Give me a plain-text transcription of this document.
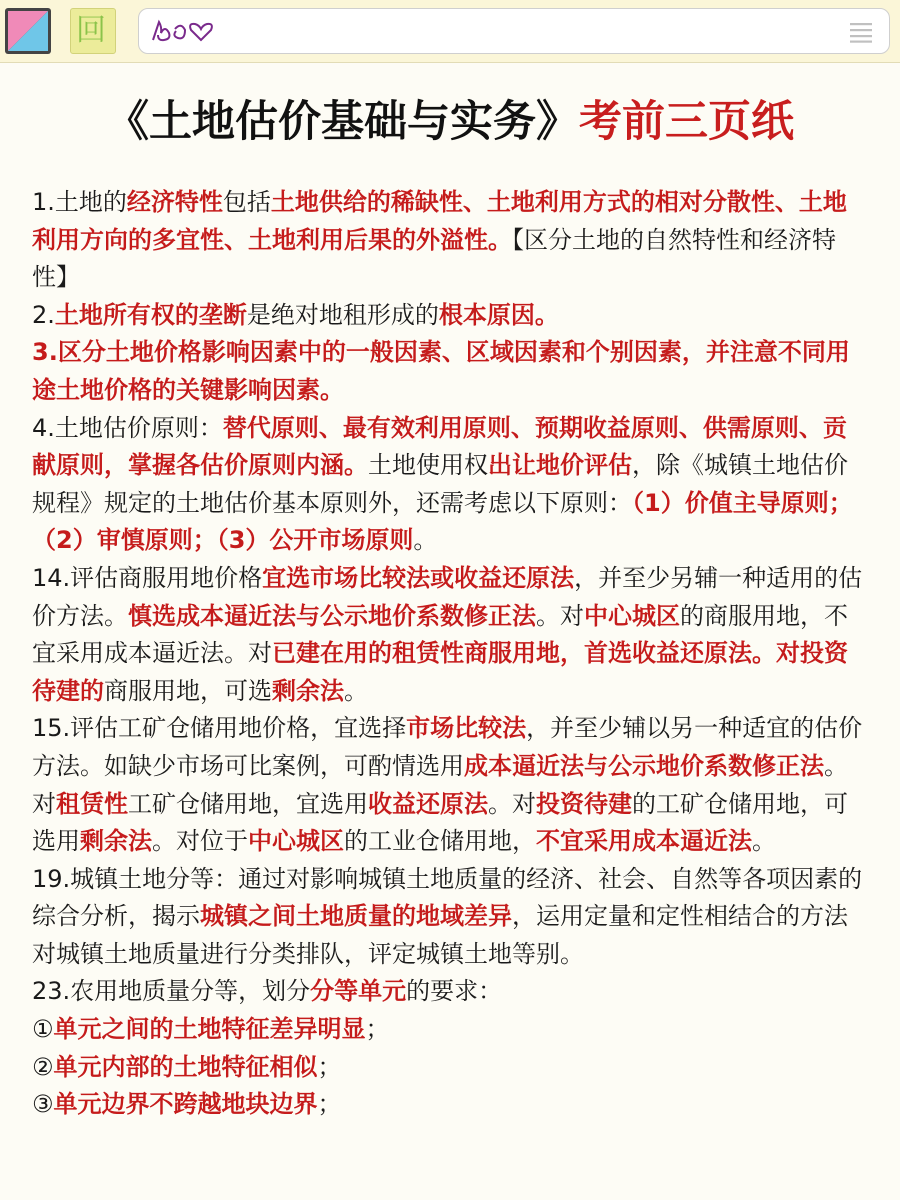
回
《土地估价基础与实务》考前三页纸

1.土地的经济特性包括土地供给的稀缺性、土地利用方式的相对分散性、土地利用方向的多宜性、土地利用后果的外溢性。【区分土地的自然特性和经济特性】

2.土地所有权的垄断是绝对地租形成的根本原因。

3.区分土地价格影响因素中的一般因素、区域因素和个别因素，并注意不同用途土地价格的关键影响因素。

4.土地估价原则：替代原则、最有效利用原则、预期收益原则、供需原则、贡献原则，掌握各估价原则内涵。土地使用权出让地价评估，除《城镇土地估价规程》规定的土地估价基本原则外，还需考虑以下原则：（1）价值主导原则；（2）审慎原则；（3）公开市场原则。

14.评估商服用地价格宜选市场比较法或收益还原法，并至少另辅一种适用的估价方法。慎选成本逼近法与公示地价系数修正法。对中心城区的商服用地，不宜采用成本逼近法。对已建在用的租赁性商服用地，首选收益还原法。对投资待建的商服用地，可选剩余法。

15.评估工矿仓储用地价格，宜选择市场比较法，并至少辅以另一种适宜的估价方法。如缺少市场可比案例，可酌情选用成本逼近法与公示地价系数修正法。对租赁性工矿仓储用地，宜选用收益还原法。对投资待建的工矿仓储用地，可选用剩余法。对位于中心城区的工业仓储用地，不宜采用成本逼近法。

19.城镇土地分等：通过对影响城镇土地质量的经济、社会、自然等各项因素的综合分析，揭示城镇之间土地质量的地域差异，运用定量和定性相结合的方法对城镇土地质量进行分类排队，评定城镇土地等别。

23.农用地质量分等，划分分等单元的要求：

①单元之间的土地特征差异明显；

②单元内部的土地特征相似；

③单元边界不跨越地块边界；
